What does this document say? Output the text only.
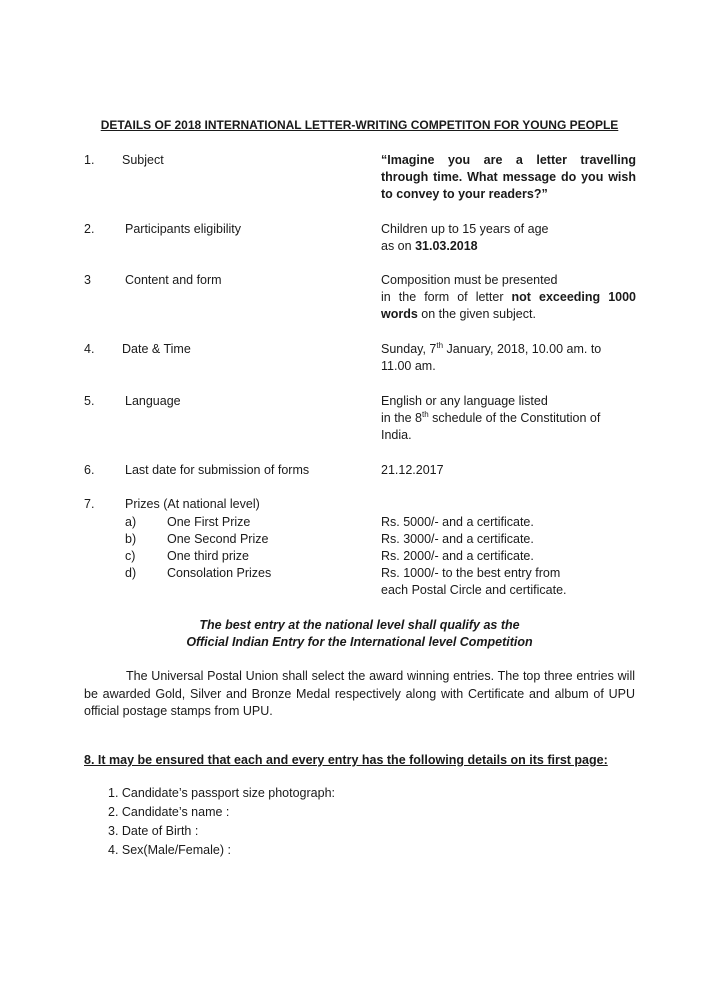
DETAILS OF 2018 INTERNATIONAL LETTER-WRITING COMPETITON FOR YOUNG PEOPLE
1. Subject	“Imagine you are a letter travelling
through time. What message do you wish
to convey to your readers?”
2. Participants eligibility	Children up to 15 years of age
as on 31.03.2018
3	Content and form	Composition must be presented
in the form of letter not exceeding 1000
words on the given subject.
4. Date & Time	Sunday, 7th January, 2018, 10.00 am. to
11.00 am.
5. Language	English or any language listed
in the 8th schedule of the Constitution of
India.
6. Last date for submission of forms	21.12.2017
7. Prizes (At national level)
a) One First Prize	Rs. 5000/- and a certificate.
b) One Second Prize	Rs. 3000/- and a certificate.
c)	One third prize	Rs. 2000/- and a certificate.
d) Consolation Prizes	Rs. 1000/- to the best entry from
each Postal Circle and certificate.
The best entry at the national level shall qualify as the
Official Indian Entry for the International level Competition
The Universal Postal Union shall select the award winning entries. The top three entries will be awarded Gold, Silver and Bronze Medal respectively along with Certificate and album of UPU official postage stamps from UPU.
8. It may be ensured that each and every entry has the following details on its first page:
1. Candidate’s passport size photograph:
2. Candidate’s name :
3. Date of Birth :
4. Sex(Male/Female) :
